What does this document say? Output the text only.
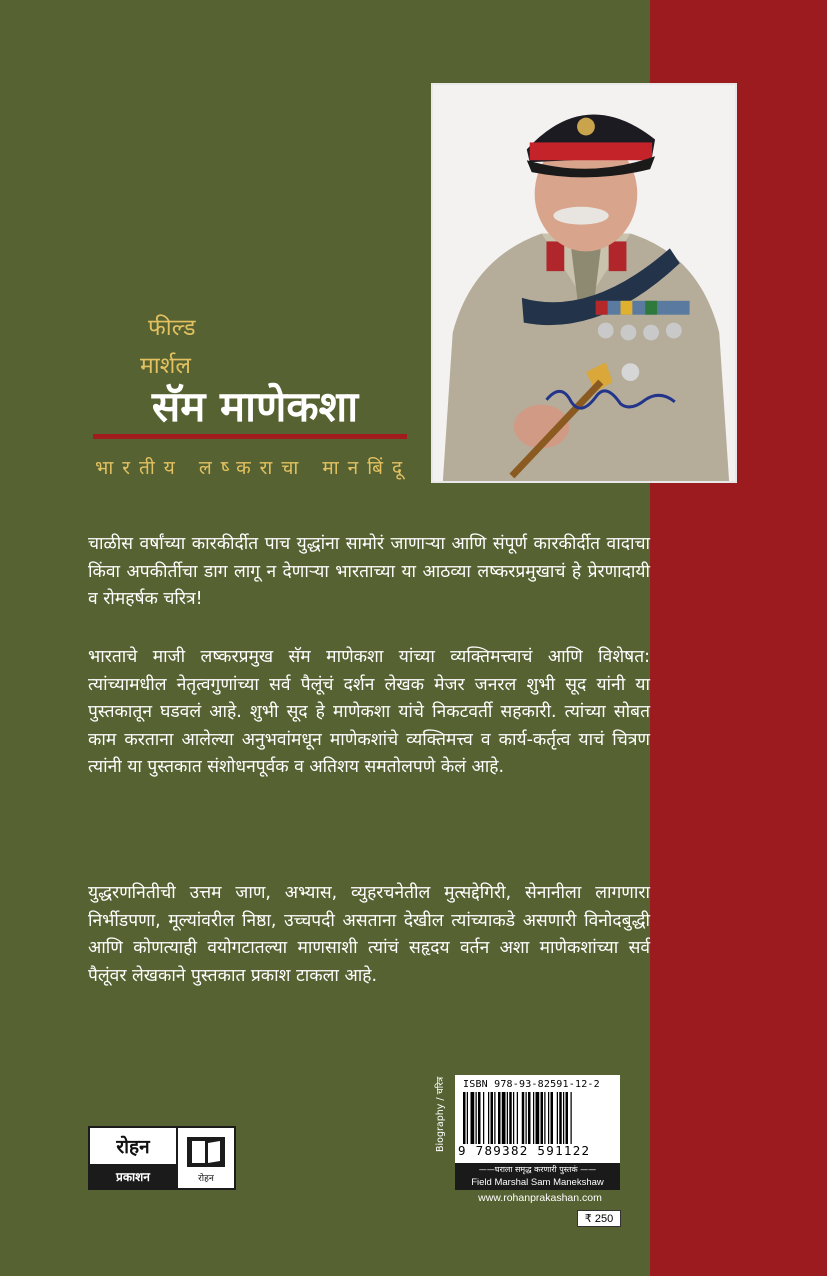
फील्ड
मार्शल
सॅम माणेकशा
भारतीय लष्कराचा मानबिंदू

चाळीस वर्षांच्या कारकीर्दीत पाच युद्धांना सामोरं जाणाऱ्या आणि संपूर्ण कारकीर्दीत वादाचा किंवा अपकीर्तीचा डाग लागू न देणाऱ्या भारताच्या या आठव्या लष्करप्रमुखाचं हे प्रेरणादायी व रोमहर्षक चरित्र!

भारताचे माजी लष्करप्रमुख सॅम माणेकशा यांच्या व्यक्तिमत्त्वाचं आणि विशेषत: त्यांच्यामधील नेतृत्वगुणांच्या सर्व पैलूंचं दर्शन लेखक मेजर जनरल शुभी सूद यांनी या पुस्तकातून घडवलं आहे. शुभी सूद हे माणेकशा यांचे निकटवर्ती सहकारी. त्यांच्या सोबत काम करताना आलेल्या अनुभवांमधून माणेकशांचे व्यक्तिमत्त्व व कार्य-कर्तृत्व याचं चित्रण त्यांनी या पुस्तकात संशोधनपूर्वक व अतिशय समतोलपणे केलं आहे.

युद्धरणनितीची उत्तम जाण, अभ्यास, व्युहरचनेतील मुत्सद्देगिरी, सेनानीला लागणारा निर्भीडपणा, मूल्यांवरील निष्ठा, उच्चपदी असताना देखील त्यांच्याकडे असणारी विनोदबुद्धी आणि कोणत्याही वयोगटातल्या माणसाशी त्यांचं सहृदय वर्तन अशा माणेकशांच्या सर्व पैलूंवर लेखकाने पुस्तकात प्रकाश टाकला आहे.

रोहन
प्रकाशन	रोहन
Biography / चरित्र ISBN 978-93-82591-12-2
9 789382 591122
—— घराला समृद्ध करणारी पुस्तकं ——
Field Marshal Sam Manekshaw
www.rohanprakashan.com
₹ 250
